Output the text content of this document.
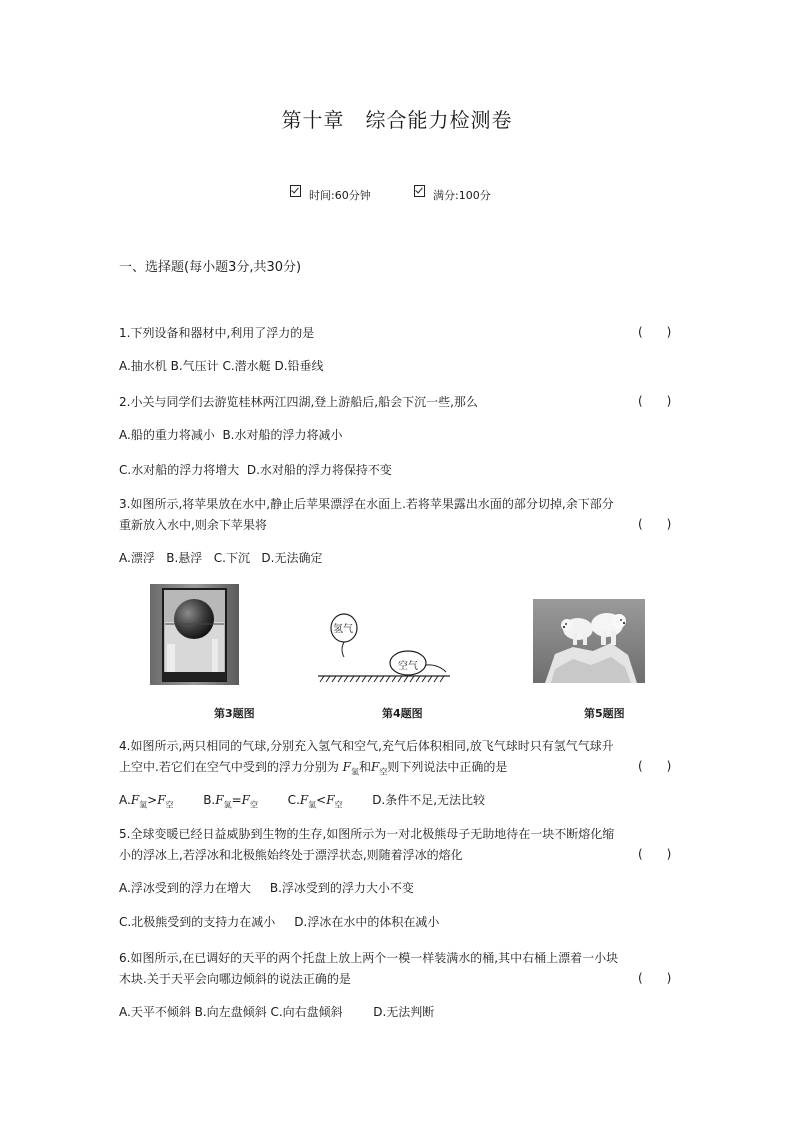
第十章　综合能力检测卷
时间:60分钟	满分:100分
一、选择题(每小题3分,共30分)
1.下列设备和器材中,利用了浮力的是	(　　)
A.抽水机 B.气压计 C.潜水艇 D.铅垂线
2.小关与同学们去游览桂林两江四湖,登上游船后,船会下沉一些,那么	(　　)
A.船的重力将减小  B.水对船的浮力将减小
C.水对船的浮力将增大  D.水对船的浮力将保持不变
3.如图所示,将苹果放在水中,静止后苹果漂浮在水面上.若将苹果露出水面的部分切掉,余下部分
重新放入水中,则余下苹果将	(　　)
A.漂浮   B.悬浮   C.下沉   D.无法确定
氢气
空气
第3题图	第4题图	第5题图
4.如图所示,两只相同的气球,分别充入氢气和空气,充气后体积相同,放飞气球时只有氢气气球升
上空中.若它们在空气中受到的浮力分别为 $F_氢$和$F_空$则下列说法中正确的是	(　　)
$A.F_氢>F_空$ $B.F_氢=F_空$ $C.F_氢<F_空$ D.条件不足,无法比较
5.全球变暖已经日益威胁到生物的生存,如图所示为一对北极熊母子无助地待在一块不断熔化缩
小的浮冰上,若浮冰和北极熊始终处于漂浮状态,则随着浮冰的熔化	(　　)
A.浮冰受到的浮力在增大     B.浮冰受到的浮力大小不变
C.北极熊受到的支持力在减小     D.浮冰在水中的体积在减小
6.如图所示,在已调好的天平的两个托盘上放上两个一模一样装满水的桶,其中右桶上漂着一小块
木块.关于天平会向哪边倾斜的说法正确的是	(　　)
A.天平不倾斜 B.向左盘倾斜 C.向右盘倾斜        D.无法判断
